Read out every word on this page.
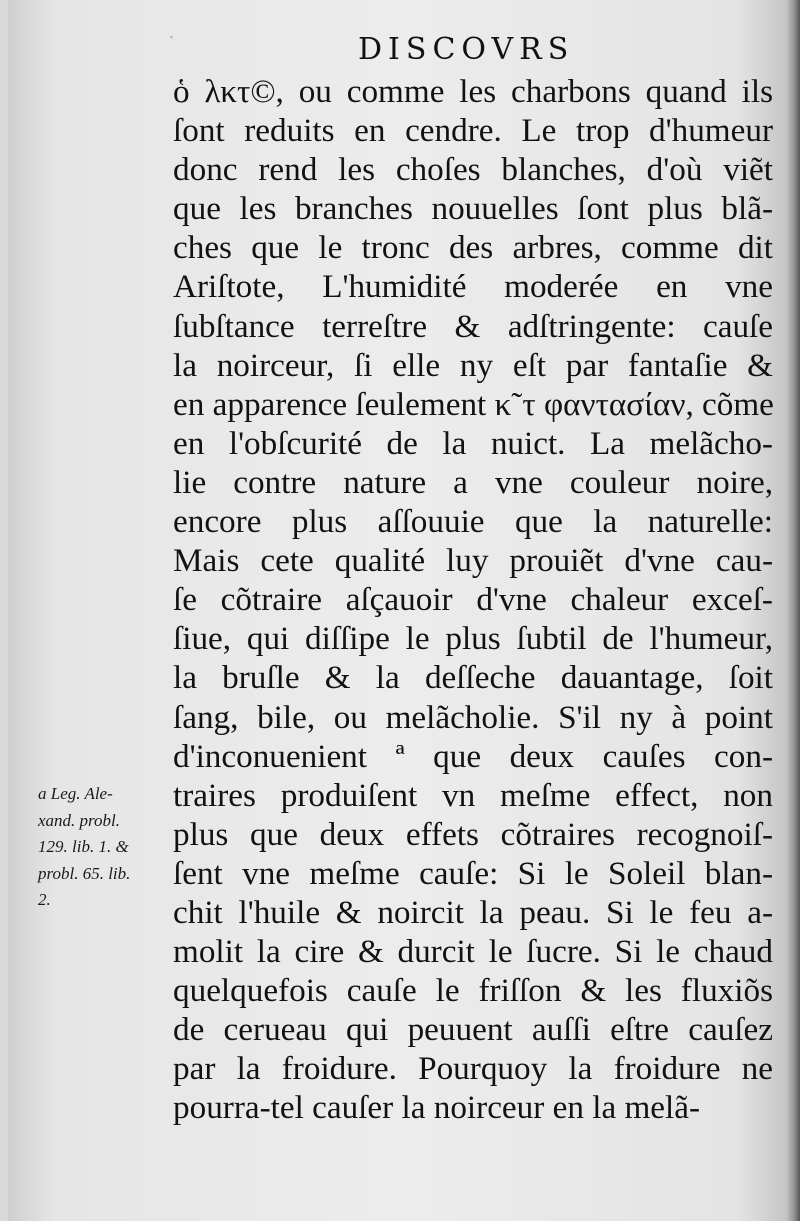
·	DISCOVRS
ὁ λκτ©, ou comme les charbons quand ils
ſont reduits en cendre. Le trop d'humeur
donc rend les choſes blanches, d'où viẽt
que les branches nouuelles ſont plus blã-
ches que le tronc des arbres, comme dit
Ariſtote, L'humidité moderée en vne
ſubſtance terreſtre & adſtringente: cauſe
la noirceur, ſi elle ny eſt par fantaſie &
en apparence ſeulement κ῀τ φαντασίαν, cõme
en l'obſcurité de la nuict. La melãcho-
lie contre nature a vne couleur noire,
encore plus aſſouuie que la naturelle:
Mais cete qualité luy prouiẽt d'vne cau-
ſe cõtraire aſçauoir d'vne chaleur exceſ-
ſiue, qui diſſipe le plus ſubtil de l'humeur,
la bruſle & la deſſeche dauantage, ſoit
ſang, bile, ou melãcholie. S'il ny à point
d'inconuenient ª que deux cauſes con-
traires produiſent vn meſme effect, non
plus que deux effets cõtraires recognoiſ-
ſent vne meſme cauſe: Si le Soleil blan-
chit l'huile & noircit la peau. Si le feu a-
molit la cire & durcit le ſucre. Si le chaud
quelquefois cauſe le friſſon & les fluxiõs
de cerueau qui peuuent auſſi eſtre cauſez
par la froidure. Pourquoy la froidure ne
pourra-tel cauſer la noirceur en la melã-
a Leg. Ale-
xand. probl.
129. lib. 1. &
probl. 65. lib.
2.
